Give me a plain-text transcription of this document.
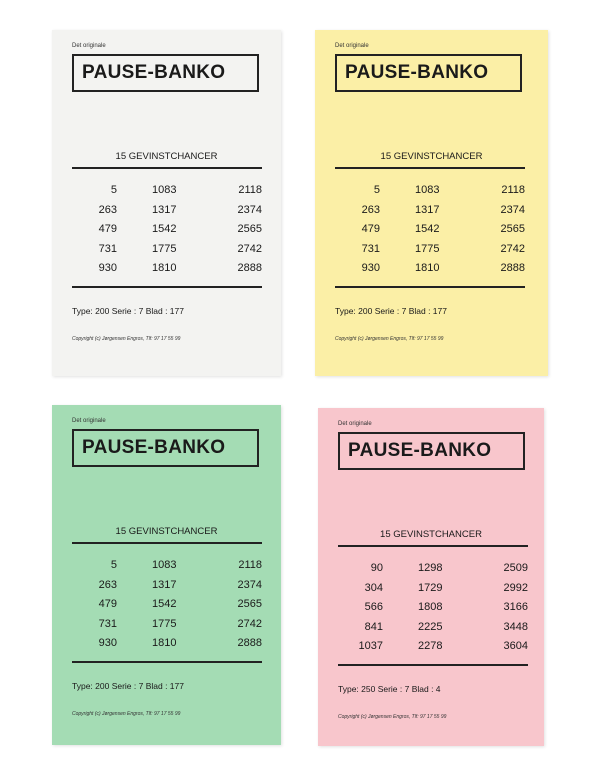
Det originale
PAUSE-BANKO
15 GEVINSTCHANCER
5	1083	2118
263	1317	2374
479	1542	2565
731	1775	2742
930	1810	2888
Type: 200 Serie : 7 Blad : 177
Copyright (c) Jørgensen Engros, Tlf: 97 17 55 99
Det originale
PAUSE-BANKO
15 GEVINSTCHANCER
5	1083	2118
263	1317	2374
479	1542	2565
731	1775	2742
930	1810	2888
Type: 200 Serie : 7 Blad : 177
Copyright (c) Jørgensen Engros, Tlf: 97 17 55 99
Det originale
PAUSE-BANKO
15 GEVINSTCHANCER
5	1083	2118
263	1317	2374
479	1542	2565
731	1775	2742
930	1810	2888
Type: 200 Serie : 7 Blad : 177
Copyright (c) Jørgensen Engros, Tlf: 97 17 55 99
Det originale
PAUSE-BANKO
15 GEVINSTCHANCER
90	1298	2509
304	1729	2992
566	1808	3166
841	2225	3448
1037	2278	3604
Type: 250 Serie : 7 Blad : 4
Copyright (c) Jørgensen Engros, Tlf: 97 17 55 99
